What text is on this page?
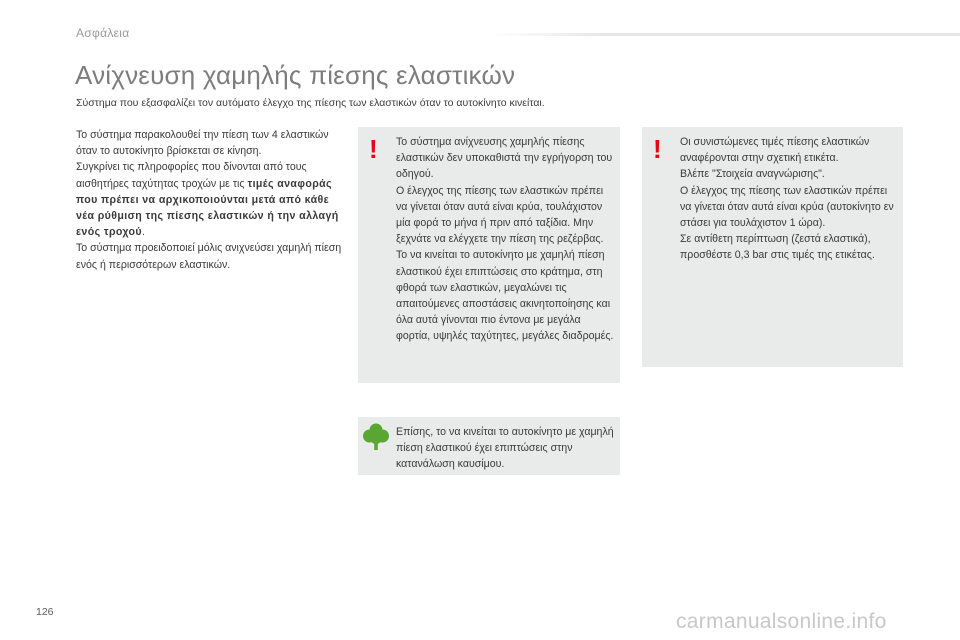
Ασφάλεια
Ανίχνευση χαμηλής πίεσης ελαστικών

Σύστημα που εξασφαλίζει τον αυτόματο έλεγχο της πίεσης των ελαστικών όταν το αυτοκίνητο κινείται.

Το σύστημα παρακολουθεί την πίεση των 4 ελαστικών όταν το αυτοκίνητο βρίσκεται σε κίνηση.

Συγκρίνει τις πληροφορίες που δίνονται από τους αισθητήρες ταχύτητας τροχών με τις τιμές αναφοράς που πρέπει να αρχικοποιούνται μετά από κάθε νέα ρύθμιση της πίεσης ελαστικών ή την αλλαγή ενός τροχού.

Το σύστημα προειδοποιεί μόλις ανιχνεύσει χαμηλή πίεση ενός ή περισσότερων ελαστικών.

! Το σύστημα ανίχνευσης χαμηλής πίεσης ελαστικών δεν υποκαθιστά την εγρήγορση του οδηγού.

Ο έλεγχος της πίεσης των ελαστικών πρέπει να γίνεται όταν αυτά είναι κρύα, τουλάχιστον μία φορά το μήνα ή πριν από ταξίδια. Μην ξεχνάτε να ελέγχετε την πίεση της ρεζέρβας.

Το να κινείται το αυτοκίνητο με χαμηλή πίεση ελαστικού έχει επιπτώσεις στο κράτημα, στη φθορά των ελαστικών, μεγαλώνει τις απαιτούμενες αποστάσεις ακινητοποίησης και όλα αυτά γίνονται πιο έντονα με μεγάλα φορτία, υψηλές ταχύτητες, μεγάλες διαδρομές.

! Οι συνιστώμενες τιμές πίεσης ελαστικών αναφέρονται στην σχετική ετικέτα.

Βλέπε "Στοιχεία αναγνώρισης".

Ο έλεγχος της πίεσης των ελαστικών πρέπει να γίνεται όταν αυτά είναι κρύα (αυτοκίνητο εν στάσει για τουλάχιστον 1 ώρα).

Σε αντίθετη περίπτωση (ζεστά ελαστικά), προσθέστε 0,3 bar στις τιμές της ετικέτας.

Επίσης, το να κινείται το αυτοκίνητο με χαμηλή πίεση ελαστικού έχει επιπτώσεις στην κατανάλωση καυσίμου.

126	carmanualsonline.info
